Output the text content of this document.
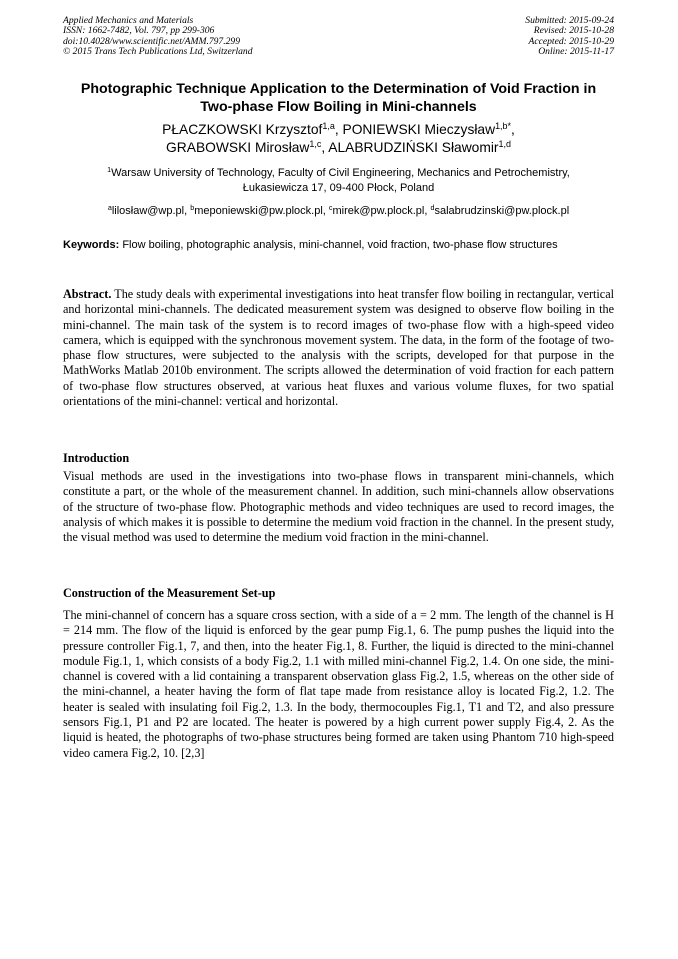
Applied Mechanics and Materials
ISSN: 1662-7482, Vol. 797, pp 299-306
doi:10.4028/www.scientific.net/AMM.797.299
© 2015 Trans Tech Publications Ltd, Switzerland
Submitted: 2015-09-24
Revised: 2015-10-28
Accepted: 2015-10-29
Online: 2015-11-17
Photographic Technique Application to the Determination of Void Fraction in Two-phase Flow Boiling in Mini-channels
PŁACZKOWSKI Krzysztof$^{1,a}$, PONIEWSKI Mieczysław$^{1,b*}$,
GRABOWSKI Mirosław$^{1,c}$, ALABRUDZIŃSKI Sławomir$^{1,d}$
$^1$Warsaw University of Technology, Faculty of Civil Engineering, Mechanics and Petrochemistry,
Łukasiewicza 17, 09-400 Płock, Poland
$^a$lilosław@wp.pl, $^b$meponiewski@pw.plock.pl, $^c$mirek@pw.plock.pl, $^d$salabrudzinski@pw.plock.pl
Keywords: Flow boiling, photographic analysis, mini-channel, void fraction, two-phase flow structures
Abstract. The study deals with experimental investigations into heat transfer flow boiling in rectangular, vertical and horizontal mini-channels. The dedicated measurement system was designed to observe flow boiling in the mini-channel. The main task of the system is to record images of two-phase flow with a high-speed video camera, which is equipped with the synchronous movement system. The data, in the form of the footage of two-phase flow structures, were subjected to the analysis with the scripts, developed for that purpose in the MathWorks Matlab 2010b environment. The scripts allowed the determination of void fraction for each pattern of two-phase flow structures observed, at various heat fluxes and various volume fluxes, for two spatial orientations of the mini-channel: vertical and horizontal.
Introduction
Visual methods are used in the investigations into two-phase flows in transparent mini-channels, which constitute a part, or the whole of the measurement channel. In addition, such mini-channels allow observations of the structure of two-phase flow. Photographic methods and video techniques are used to record images, the analysis of which makes it is possible to determine the medium void fraction in the channel. In the present study, the visual method was used to determine the medium void fraction in the mini-channel.
Construction of the Measurement Set-up
The mini-channel of concern has a square cross section, with a side of a = 2 mm. The length of the channel is H = 214 mm. The flow of the liquid is enforced by the gear pump Fig.1, 6. The pump pushes the liquid into the pressure controller Fig.1, 7, and then, into the heater Fig.1, 8. Further, the liquid is directed to the mini-channel module Fig.1, 1, which consists of a body Fig.2, 1.1 with milled mini-channel Fig.2, 1.4. On one side, the mini-channel is covered with a lid containing a transparent observation glass Fig.2, 1.5, whereas on the other side of the mini-channel, a heater having the form of flat tape made from resistance alloy is located Fig.2, 1.2. The heater is sealed with insulating foil Fig.2, 1.3. In the body, thermocouples Fig.1, T1 and T2, and also pressure sensors Fig.1, P1 and P2 are located. The heater is powered by a high current power supply Fig.4, 2. As the liquid is heated, the photographs of two-phase structures being formed are taken using Phantom 710 high-speed video camera Fig.2, 10. [2,3]
